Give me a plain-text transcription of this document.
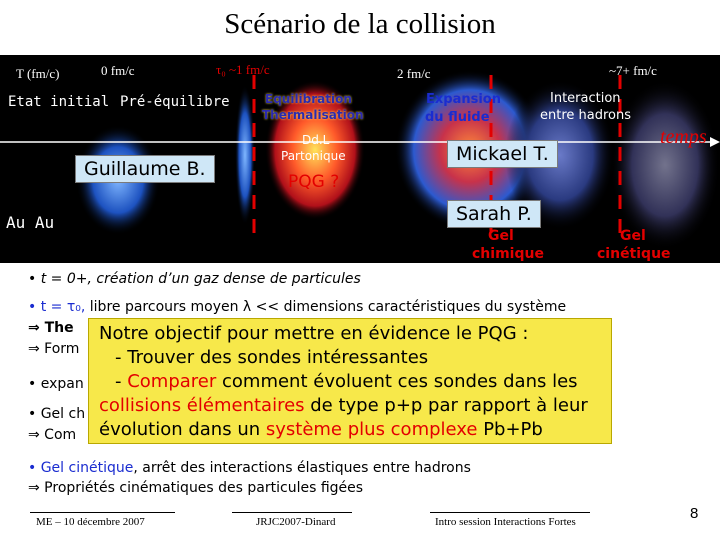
Scénario de la collision
T (fm/c)	0 fm/c	τ₀ ~1 fm/c	2 fm/c	~7+ fm/c
temps
Etat initial Pré-équilibre	Equilibration
Thermalisation
Dd.L
Partonique
PQG ?
Expansion
du fluide
Interaction
entre hadrons
Au Au
Gel
chimique
Gel
cinétique
Guillaume B.
Mickael T.
Sarah P.
• t = 0+, création d’un gaz dense de particules
• t = τ₀, libre parcours moyen λ << dimensions caractéristiques du système
⇒ The
⇒ Form
• expan
• Gel ch
⇒ Com
• Gel cinétique, arrêt des interactions élastiques entre hadrons
⇒ Propriétés cinématiques des particules figées
Notre objectif pour mettre en évidence le PQG :
- Trouver des sondes intéressantes
- Comparer comment évoluent ces sondes dans les
collisions élémentaires de type p+p par rapport à leur
évolution dans un système plus complexe Pb+Pb
ME – 10 décembre 2007	JRJC2007-Dinard	Intro session Interactions Fortes	8
